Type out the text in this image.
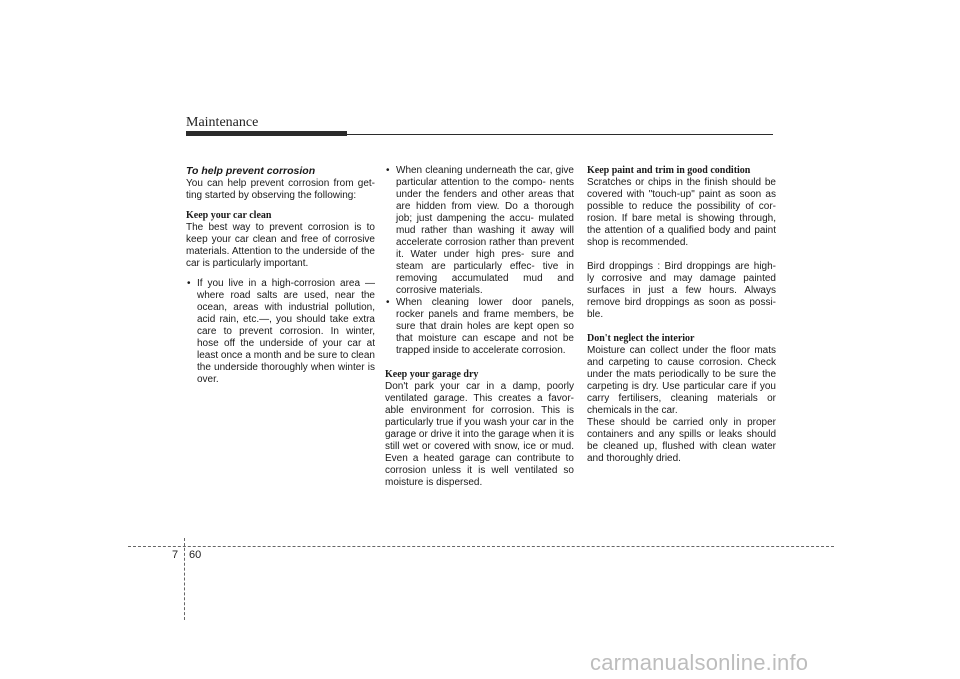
Maintenance
To help prevent corrosion

You can help prevent corrosion from get- ting started by observing the following:

Keep your car clean

The best way to prevent corrosion is to keep your car clean and free of corrosive materials. Attention to the underside of the car is particularly important.

• If you live in a high-corrosion area — where road salts are used, near the ocean, areas with industrial pollution, acid rain, etc.—, you should take extra care to prevent corrosion. In winter, hose off the underside of your car at least once a month and be sure to clean the underside thoroughly when winter is over.
• When cleaning underneath the car, give particular attention to the compo- nents under the fenders and other areas that are hidden from view. Do a thorough job; just dampening the accu- mulated mud rather than washing it away will accelerate corrosion rather than prevent it. Water under high pres- sure and steam are particularly effec- tive in removing accumulated mud and corrosive materials.
• When cleaning lower door panels, rocker panels and frame members, be sure that drain holes are kept open so that moisture can escape and not be trapped inside to accelerate corrosion.
Keep your garage dry

Don't park your car in a damp, poorly ventilated garage. This creates a favor- able environment for corrosion. This is particularly true if you wash your car in the garage or drive it into the garage when it is still wet or covered with snow, ice or mud. Even a heated garage can contribute to corrosion unless it is well ventilated so moisture is dispersed.

Keep paint and trim in good condition

Scratches or chips in the finish should be covered with "touch-up" paint as soon as possible to reduce the possibility of cor- rosion. If bare metal is showing through, the attention of a qualified body and paint shop is recommended.

Bird droppings : Bird droppings are high- ly corrosive and may damage painted surfaces in just a few hours. Always remove bird droppings as soon as possi- ble.

Don't neglect the interior

Moisture can collect under the floor mats and carpeting to cause corrosion. Check under the mats periodically to be sure the carpeting is dry. Use particular care if you carry fertilisers, cleaning materials or chemicals in the car.

These should be carried only in proper containers and any spills or leaks should be cleaned up, flushed with clean water and thoroughly dried.

7 60
carmanualsonline.info
